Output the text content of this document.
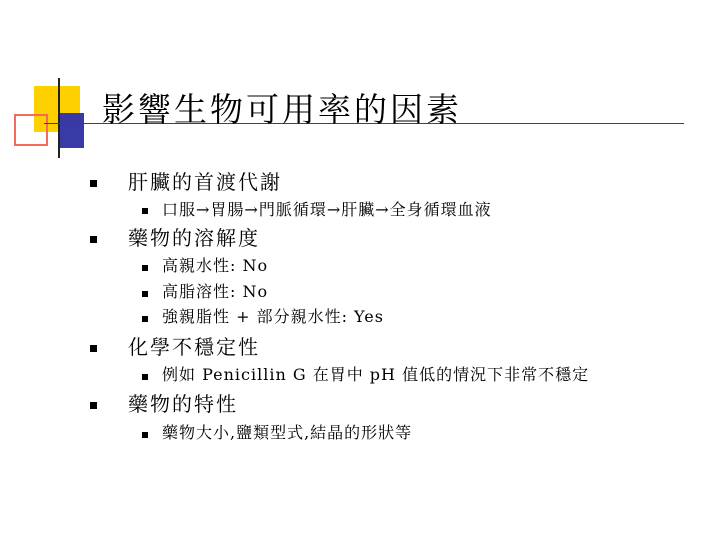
影響生物可用率的因素
肝臟的首渡代謝
口服→胃腸→門脈循環→肝臟→全身循環血液
藥物的溶解度
高親水性: No
高脂溶性: No
強親脂性 + 部分親水性: Yes
化學不穩定性
例如 Penicillin G 在胃中 pH 值低的情況下非常不穩定
藥物的特性
藥物大小,鹽類型式,結晶的形狀等
